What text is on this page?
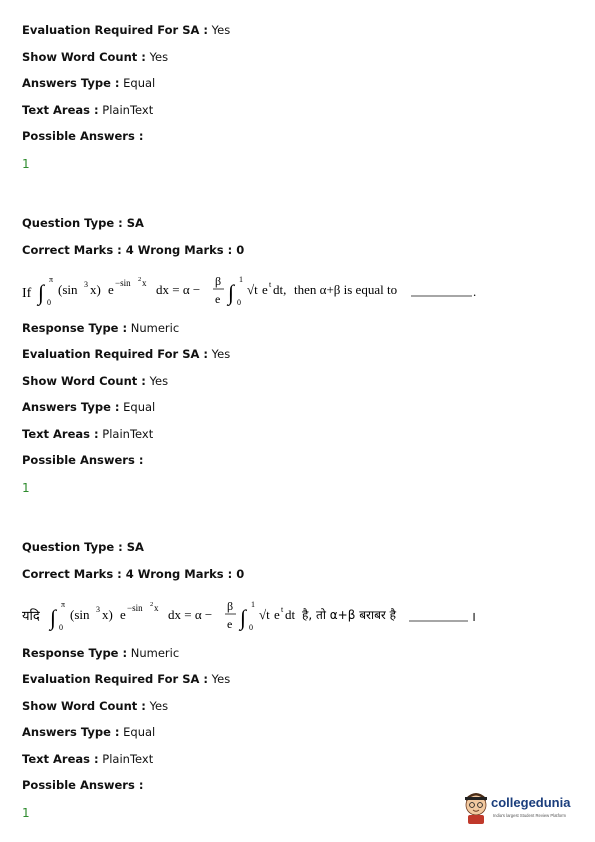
Evaluation Required For SA : Yes
Show Word Count : Yes
Answers Type : Equal
Text Areas : PlainText
Possible Answers :
1
Question Type : SA
Correct Marks : 4 Wrong Marks : 0
If ∫
π
0
(sin 3 x) e −sin 2 x dx = α −
β
e ∫
1
0
√t e t dt, then α+β is equal to	.
Response Type : Numeric
Evaluation Required For SA : Yes
Show Word Count : Yes
Answers Type : Equal
Text Areas : PlainText
Possible Answers :
1
Question Type : SA
Correct Marks : 4 Wrong Marks : 0
यदि ∫
π
0
(sin 3 x) e −sin 2 x dx = α −
β
e ∫
1
0
√t e t dt है, तो α+β बराबर है	।
Response Type : Numeric
Evaluation Required For SA : Yes
Show Word Count : Yes
Answers Type : Equal
Text Areas : PlainText
Possible Answers :
1
collegedunia
India's largest Student Review Platform
